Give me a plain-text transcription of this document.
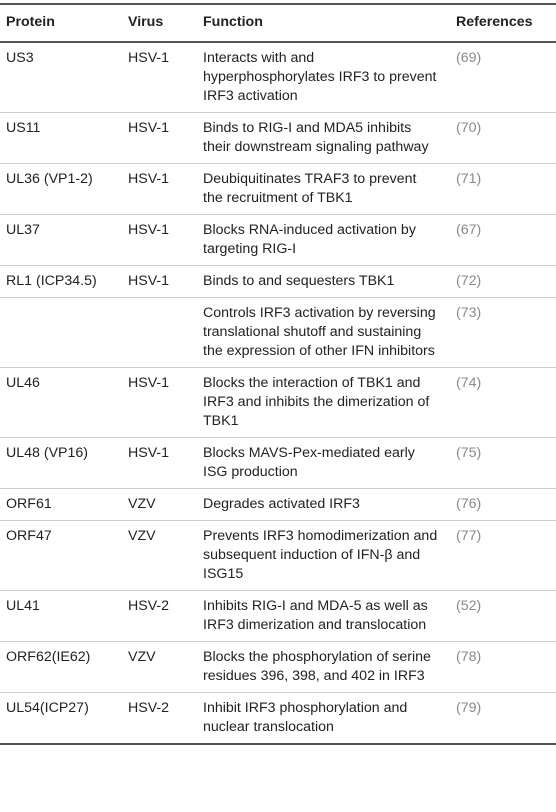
Protein	Virus	Function	References
US3	HSV-1	Interacts with and hyperphosphorylates IRF3 to prevent IRF3 activation	(69)
US11	HSV-1	Binds to RIG-I and MDA5 inhibits their downstream signaling pathway	(70)
UL36 (VP1-2)	HSV-1	Deubiquitinates TRAF3 to prevent the recruitment of TBK1	(71)
UL37	HSV-1	Blocks RNA-induced activation by targeting RIG-I	(67)
RL1 (ICP34.5)	HSV-1	Binds to and sequesters TBK1	(72)
		Controls IRF3 activation by reversing translational shutoff and sustaining the expression of other IFN inhibitors	(73)
UL46	HSV-1	Blocks the interaction of TBK1 and IRF3 and inhibits the dimerization of TBK1	(74)
UL48 (VP16)	HSV-1	Blocks MAVS-Pex-mediated early ISG production	(75)
ORF61	VZV	Degrades activated IRF3	(76)
ORF47	VZV	Prevents IRF3 homodimerization and subsequent induction of IFN-β and ISG15	(77)
UL41	HSV-2	Inhibits RIG-I and MDA-5 as well as IRF3 dimerization and translocation	(52)
ORF62(IE62)	VZV	Blocks the phosphorylation of serine residues 396, 398, and 402 in IRF3	(78)
UL54(ICP27)	HSV-2	Inhibit IRF3 phosphorylation and nuclear translocation	(79)
